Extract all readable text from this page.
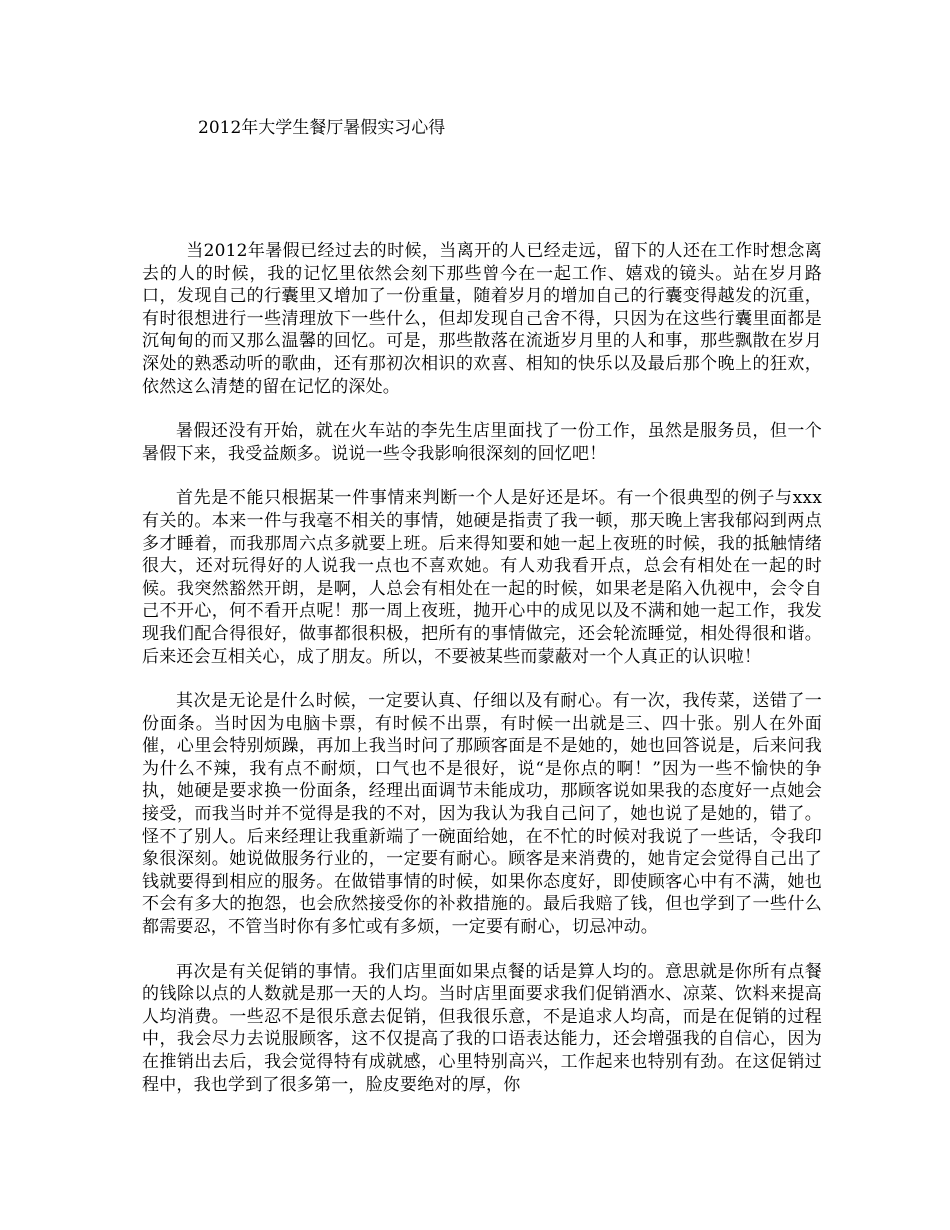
2012年大学生餐厅暑假实习心得

当2012年暑假已经过去的时候，当离开的人已经走远，留下的人还在工作时想念离去的人的时候，我的记忆里依然会刻下那些曾今在一起工作、嬉戏的镜头。站在岁月路口，发现自己的行囊里又增加了一份重量，随着岁月的增加自己的行囊变得越发的沉重，有时很想进行一些清理放下一些什么，但却发现自己舍不得，只因为在这些行囊里面都是沉甸甸的而又那么温馨的回忆。可是，那些散落在流逝岁月里的人和事，那些飘散在岁月深处的熟悉动听的歌曲，还有那初次相识的欢喜、相知的快乐以及最后那个晚上的狂欢，依然这么清楚的留在记忆的深处。

暑假还没有开始，就在火车站的李先生店里面找了一份工作，虽然是服务员，但一个暑假下来，我受益颇多。说说一些令我影响很深刻的回忆吧！

首先是不能只根据某一件事情来判断一个人是好还是坏。有一个很典型的例子与xxx有关的。本来一件与我毫不相关的事情，她硬是指责了我一顿，那天晚上害我郁闷到两点多才睡着，而我那周六点多就要上班。后来得知要和她一起上夜班的时候，我的抵触情绪很大，还对玩得好的人说我一点也不喜欢她。有人劝我看开点，总会有相处在一起的时候。我突然豁然开朗，是啊，人总会有相处在一起的时候，如果老是陷入仇视中，会令自己不开心，何不看开点呢！那一周上夜班，抛开心中的成见以及不满和她一起工作，我发现我们配合得很好，做事都很积极，把所有的事情做完，还会轮流睡觉，相处得很和谐。后来还会互相关心，成了朋友。所以，不要被某些而蒙蔽对一个人真正的认识啦！

其次是无论是什么时候，一定要认真、仔细以及有耐心。有一次，我传菜，送错了一份面条。当时因为电脑卡票，有时候不出票，有时候一出就是三、四十张。别人在外面催，心里会特别烦躁，再加上我当时问了那顾客面是不是她的，她也回答说是，后来问我为什么不辣，我有点不耐烦，口气也不是很好，说“是你点的啊！”因为一些不愉快的争执，她硬是要求换一份面条，经理出面调节未能成功，那顾客说如果我的态度好一点她会接受，而我当时并不觉得是我的不对，因为我认为我自己问了，她也说了是她的，错了。怪不了别人。后来经理让我重新端了一碗面给她，在不忙的时候对我说了一些话，令我印象很深刻。她说做服务行业的，一定要有耐心。顾客是来消费的，她肯定会觉得自己出了钱就要得到相应的服务。在做错事情的时候，如果你态度好，即使顾客心中有不满，她也不会有多大的抱怨，也会欣然接受你的补救措施的。最后我赔了钱，但也学到了一些什么都需要忍，不管当时你有多忙或有多烦，一定要有耐心，切忌冲动。

再次是有关促销的事情。我们店里面如果点餐的话是算人均的。意思就是你所有点餐的钱除以点的人数就是那一天的人均。当时店里面要求我们促销酒水、凉菜、饮料来提高人均消费。一些忍不是很乐意去促销，但我很乐意，不是追求人均高，而是在促销的过程中，我会尽力去说服顾客，这不仅提高了我的口语表达能力，还会增强我的自信心，因为在推销出去后，我会觉得特有成就感，心里特别高兴，工作起来也特别有劲。在这促销过程中，我也学到了很多第一，脸皮要绝对的厚，你
